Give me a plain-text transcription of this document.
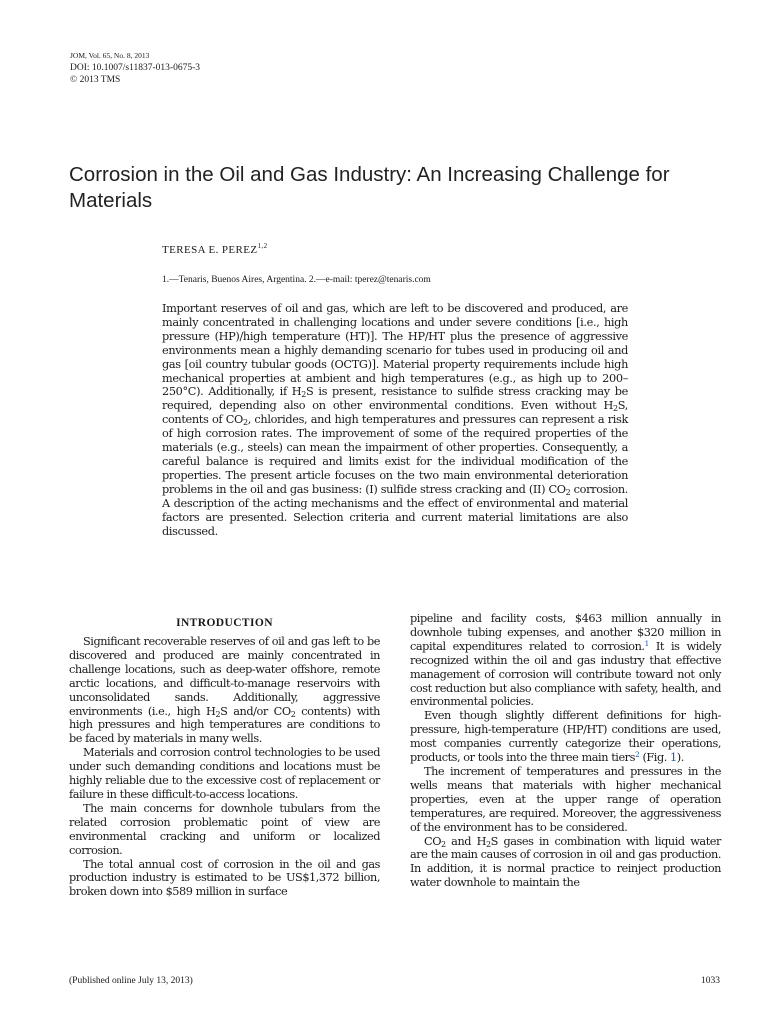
JOM, Vol. 65, No. 8, 2013
DOI: 10.1007/s11837-013-0675-3
© 2013 TMS
Corrosion in the Oil and Gas Industry: An Increasing Challenge for Materials
TERESA E. PEREZ$^{1,2}$
1.—Tenaris, Buenos Aires, Argentina. 2.—e-mail: tperez@tenaris.com

Important reserves of oil and gas, which are left to be discovered and produced, are mainly concentrated in challenging locations and under severe conditions [i.e., high pressure (HP)/high temperature (HT)]. The HP/HT plus the presence of aggressive environments mean a highly demanding scenario for tubes used in producing oil and gas [oil country tubular goods (OCTG)]. Material property requirements include high mechanical properties at ambient and high temperatures (e.g., as high up to 200–250°C). Additionally, if $H_2S$ is present, resistance to sulfide stress cracking may be required, depending also on other environmental conditions. Even without $H_2S$, contents of $CO_2$, chlorides, and high temperatures and pressures can represent a risk of high corrosion rates. The improvement of some of the required properties of the materials (e.g., steels) can mean the impairment of other properties. Consequently, a careful balance is required and limits exist for the individual modification of the properties. The present article focuses on the two main environmental deterioration problems in the oil and gas business: (I) sulfide stress cracking and (II) $CO_2$ corrosion. A description of the acting mechanisms and the effect of environmental and material factors are presented. Selection criteria and current material limitations are also discussed.

INTRODUCTION

Significant recoverable reserves of oil and gas left to be discovered and produced are mainly concentrated in challenge locations, such as deep-water offshore, remote arctic locations, and difficult-to-manage reservoirs with unconsolidated sands. Additionally, aggressive environments (i.e., high $H_2S$ and/or $CO_2$ contents) with high pressures and high temperatures are conditions to be faced by materials in many wells.

Materials and corrosion control technologies to be used under such demanding conditions and locations must be highly reliable due to the excessive cost of replacement or failure in these difficult-to-access locations.

The main concerns for downhole tubulars from the related corrosion problematic point of view are environmental cracking and uniform or localized corrosion.

The total annual cost of corrosion in the oil and gas production industry is estimated to be US$1,372 billion, broken down into $589 million in surface

pipeline and facility costs, $463 million annually in downhole tubing expenses, and another $320 million in capital expenditures related to corrosion.$^1$ It is widely recognized within the oil and gas industry that effective management of corrosion will contribute toward not only cost reduction but also compliance with safety, health, and environmental policies.

Even though slightly different definitions for high-pressure, high-temperature (HP/HT) conditions are used, most companies currently categorize their operations, products, or tools into the three main tiers$^2$ (Fig. 1).

The increment of temperatures and pressures in the wells means that materials with higher mechanical properties, even at the upper range of operation temperatures, are required. Moreover, the aggressiveness of the environment has to be considered.

$CO_2$ and $H_2S$ gases in combination with liquid water are the main causes of corrosion in oil and gas production. In addition, it is normal practice to reinject production water downhole to maintain the

(Published online July 13, 2013)	1033
